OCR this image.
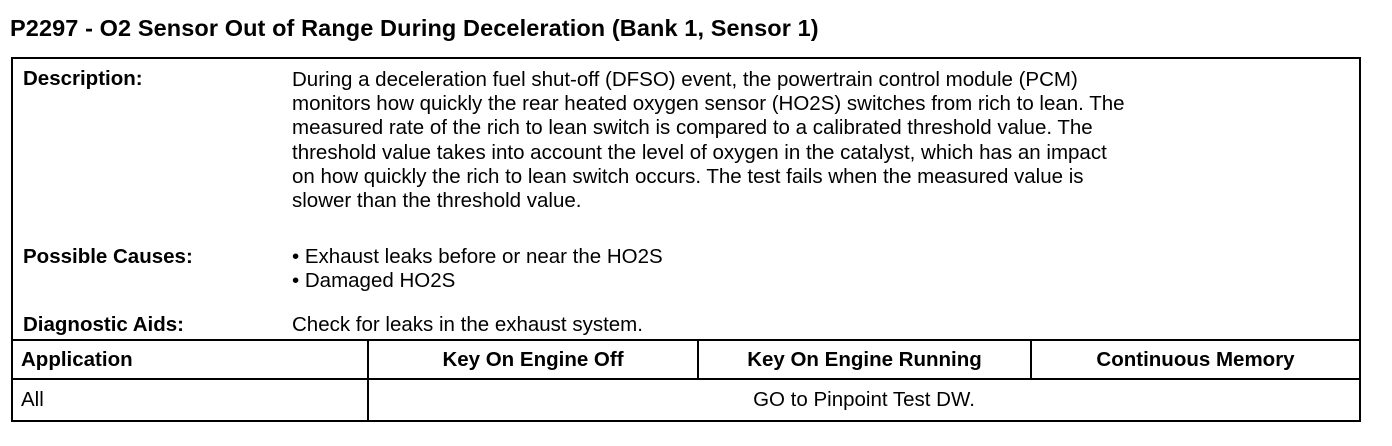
P2297 - O2 Sensor Out of Range During Deceleration (Bank 1, Sensor 1)
Description:	During a deceleration fuel shut-off (DFSO) event, the powertrain control module (PCM)
monitors how quickly the rear heated oxygen sensor (HO2S) switches from rich to lean. The
measured rate of the rich to lean switch is compared to a calibrated threshold value. The
threshold value takes into account the level of oxygen in the catalyst, which has an impact
on how quickly the rich to lean switch occurs. The test fails when the measured value is
slower than the threshold value.
Possible Causes:	• Exhaust leaks before or near the HO2S
• Damaged HO2S
Diagnostic Aids:	Check for leaks in the exhaust system.
Application	Key On Engine Off	Key On Engine Running	Continuous Memory
All	GO to Pinpoint Test DW.
